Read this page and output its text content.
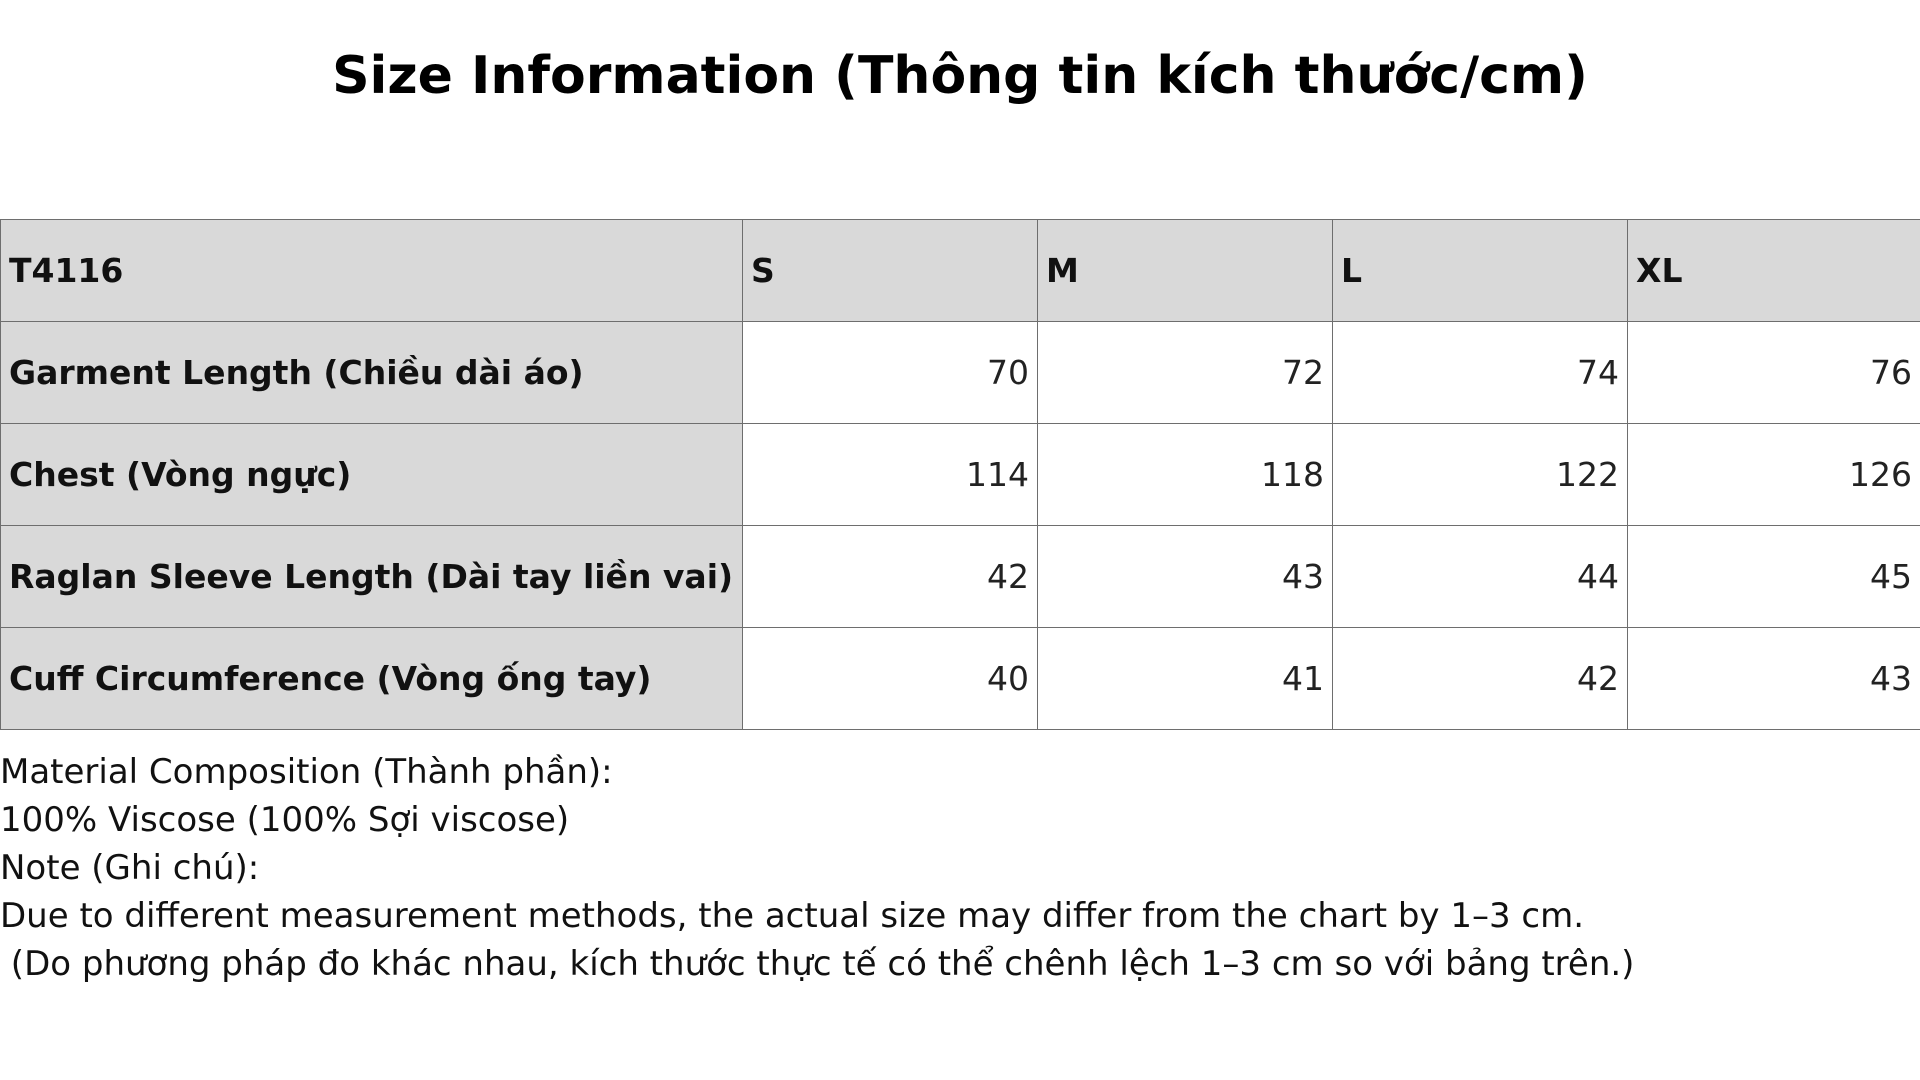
Size Information (Thông tin kích thước/cm)
T4116	S	M	L	XL
Garment Length (Chiều dài áo)	70	72	74	76
Chest (Vòng ngực)	114	118	122	126
Raglan Sleeve Length (Dài tay liền vai)	42	43	44	45
Cuff Circumference (Vòng ống tay)	40	41	42	43
Material Composition (Thành phần):
100% Viscose (100% Sợi viscose)
Note (Ghi chú):
Due to different measurement methods, the actual size may differ from the chart by 1–3 cm.
(Do phương pháp đo khác nhau, kích thước thực tế có thể chênh lệch 1–3 cm so với bảng trên.)
